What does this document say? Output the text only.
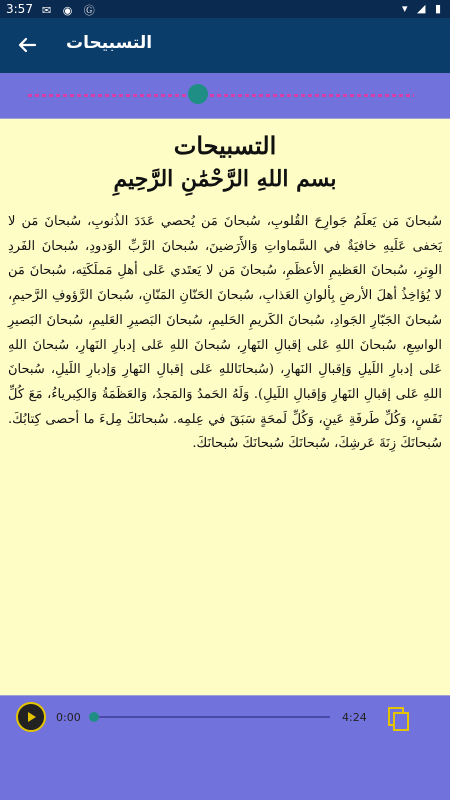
3:57 ✉ ◉ Ⓖ	▾ ◢ ▮
التسبيحات
التسبيحات
بسم اللهِ الرَّحْمَٰنِ الرَّحِيمِ
سُبحانَ مَن يَعلَمُ جَوارِحَ القُلوبِ، سُبحانَ مَن يُحصي عَدَدَ الذُنوبِ، سُبحانَ مَن لا يَخفى عَلَيهِ خافيَةٌ في السَّماواتِ وَالأَرَضينَ، سُبحانَ الرَّبِّ الوَدودِ، سُبحانَ الفَردِ الوِترِ، سُبحانَ العَظيمِ الأعظَمِ، سُبحانَ مَن لا يَعتَدي عَلى أهلِ مَملَكَتِه، سُبحانَ مَن لا يُؤاخِذُ أهلَ الأرضِ بِألوانِ العَذابِ، سُبحانَ الحَنّانِ المَنّانِ، سُبحانَ الرَّؤوفِ الرَّحيمِ، سُبحانَ الجَبّارِ الجَوادِ، سُبحانَ الكَريمِ الحَليمِ، سُبحانَ البَصيرِ العَليمِ، سُبحانَ البَصيرِ الواسِعِ، سُبحانَ اللهِ عَلى إقبالِ النَهارِ، سُبحانَ اللهِ عَلى إدبارِ النَهارِ، سُبحانَ اللهِ عَلى إدبارِ اللَيلِ وَإقبالِ النَهارِ، (سُبحانَاللهِ عَلى إقبالِ النَهارِ وَإدبارِ اللَيلِ، سُبحانَ اللهِ عَلى إقبالِ النَهارِ وَإقبالِ اللَيلِ). وَلَهُ الحَمدُ وَالمَجدُ، وَالعَظَمَةُ وَالكِبرياءُ، مَعَ كُلِّ نَفَسٍ، وَكُلِّ طَرفَةِ عَينٍ، وَكُلِّ لَمحَةٍ سَبَقَ في عِلمِه. سُبحانَكَ مِلءَ ما أحصى كِتابُكَ. سُبحانَكَ زِنَةَ عَرشِكَ، سُبحانَكَ سُبحانَكَ سُبحانَكَ.
0:00	4:24
